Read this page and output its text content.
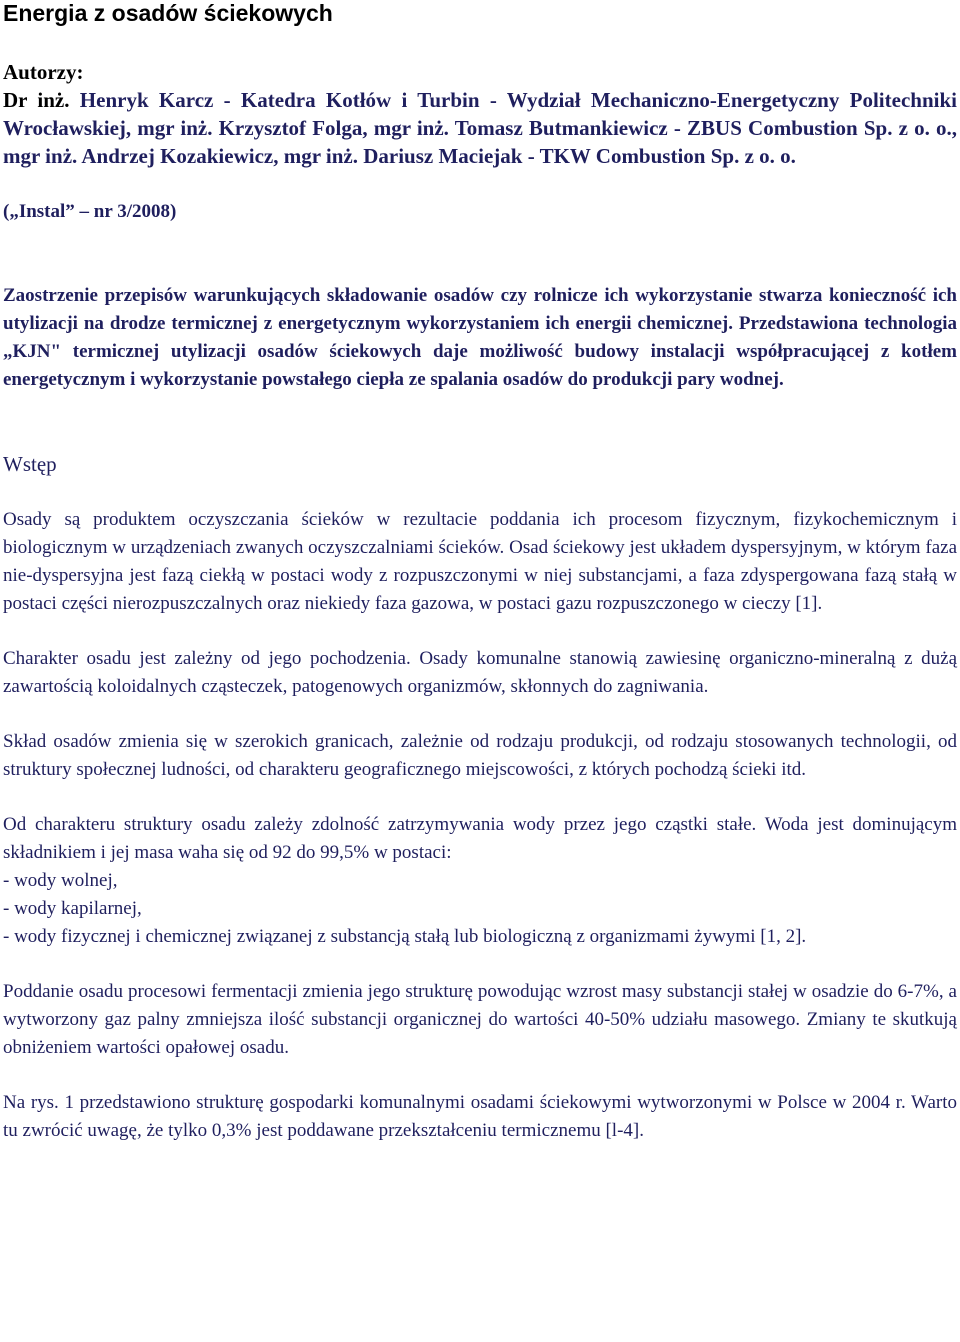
Energia z osadów ściekowych
Autorzy:
Dr inż. Henryk Karcz - Katedra Kotłów i Turbin - Wydział Mechaniczno-Energetyczny Politechniki Wrocławskiej, mgr inż. Krzysztof Folga, mgr inż. Tomasz Butmankiewicz - ZBUS Combustion Sp. z o. o., mgr inż. Andrzej Kozakiewicz, mgr inż. Dariusz Maciejak - TKW Combustion Sp. z o. o.
(„Instal” – nr 3/2008)
Zaostrzenie przepisów warunkujących składowanie osadów czy rolnicze ich wykorzystanie stwarza konieczność ich utylizacji na drodze termicznej z energetycznym wykorzystaniem ich energii chemicznej. Przedstawiona technologia „KJN" termicznej utylizacji osadów ściekowych daje możliwość budowy instalacji współpracującej z kotłem energetycznym i wykorzystanie powstałego ciepła ze spalania osadów do produkcji pary wodnej.
Wstęp
Osady są produktem oczyszczania ścieków w rezultacie poddania ich procesom fizycznym, fizykochemicznym i biologicznym w urządzeniach zwanych oczyszczalniami ścieków. Osad ściekowy jest układem dyspersyjnym, w którym faza nie-dyspersyjna jest fazą ciekłą w postaci wody z rozpuszczonymi w niej substancjami, a faza zdyspergowana fazą stałą w postaci części nierozpuszczalnych oraz niekiedy faza gazowa, w postaci gazu rozpuszczonego w cieczy [1].
Charakter osadu jest zależny od jego pochodzenia. Osady komunalne stanowią zawiesinę organiczno-mineralną z dużą zawartością koloidalnych cząsteczek, patogenowych organizmów, skłonnych do zagniwania.
Skład osadów zmienia się w szerokich granicach, zależnie od rodzaju produkcji, od rodzaju stosowanych technologii, od struktury społecznej ludności, od charakteru geograficznego miejscowości, z których pochodzą ścieki itd.
Od charakteru struktury osadu zależy zdolność zatrzymywania wody przez jego cząstki stałe. Woda jest dominującym składnikiem i jej masa waha się od 92 do 99,5% w postaci:
- wody wolnej,
- wody kapilarnej,
- wody fizycznej i chemicznej związanej z substancją stałą lub biologiczną z organizmami żywymi [1, 2].
Poddanie osadu procesowi fermentacji zmienia jego strukturę powodując wzrost masy substancji stałej w osadzie do 6-7%, a wytworzony gaz palny zmniejsza ilość substancji organicznej do wartości 40-50% udziału masowego. Zmiany te skutkują obniżeniem wartości opałowej osadu.
Na rys. 1 przedstawiono strukturę gospodarki komunalnymi osadami ściekowymi wytworzonymi w Polsce w 2004 r. Warto tu zwrócić uwagę, że tylko 0,3% jest poddawane przekształceniu termicznemu [l-4].
